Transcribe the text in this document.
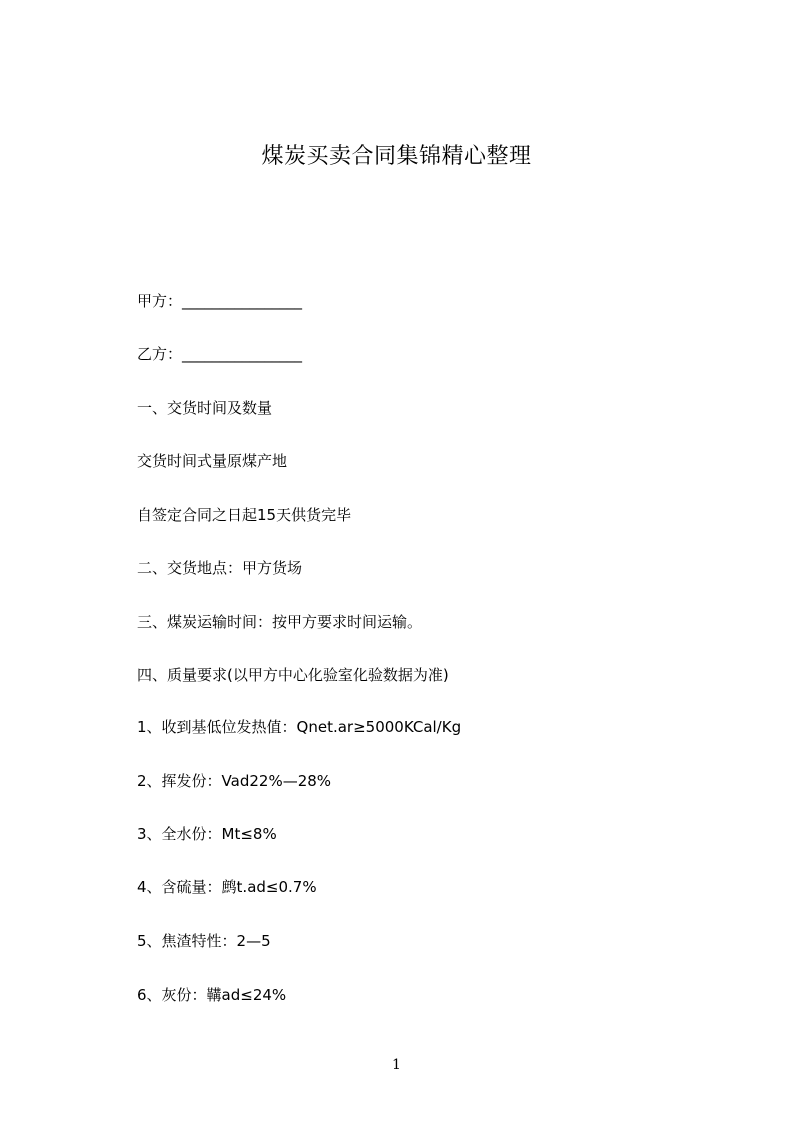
煤炭买卖合同集锦精心整理
甲方：________________
乙方：________________
一、交货时间及数量
交货时间式量原煤产地
自签定合同之日起15天供货完毕
二、交货地点：甲方货场
三、煤炭运输时间：按甲方要求时间运输。
四、质量要求(以甲方中心化验室化验数据为准)
1、收到基低位发热值：Qnet.ar≥5000KCal/Kg
2、挥发份：Vad22%—28%
3、全水份：Mt≤8%
4、含硫量：鹧t.ad≤0.7%
5、焦渣特性：2—5
6、灰份：鞲ad≤24%
1
